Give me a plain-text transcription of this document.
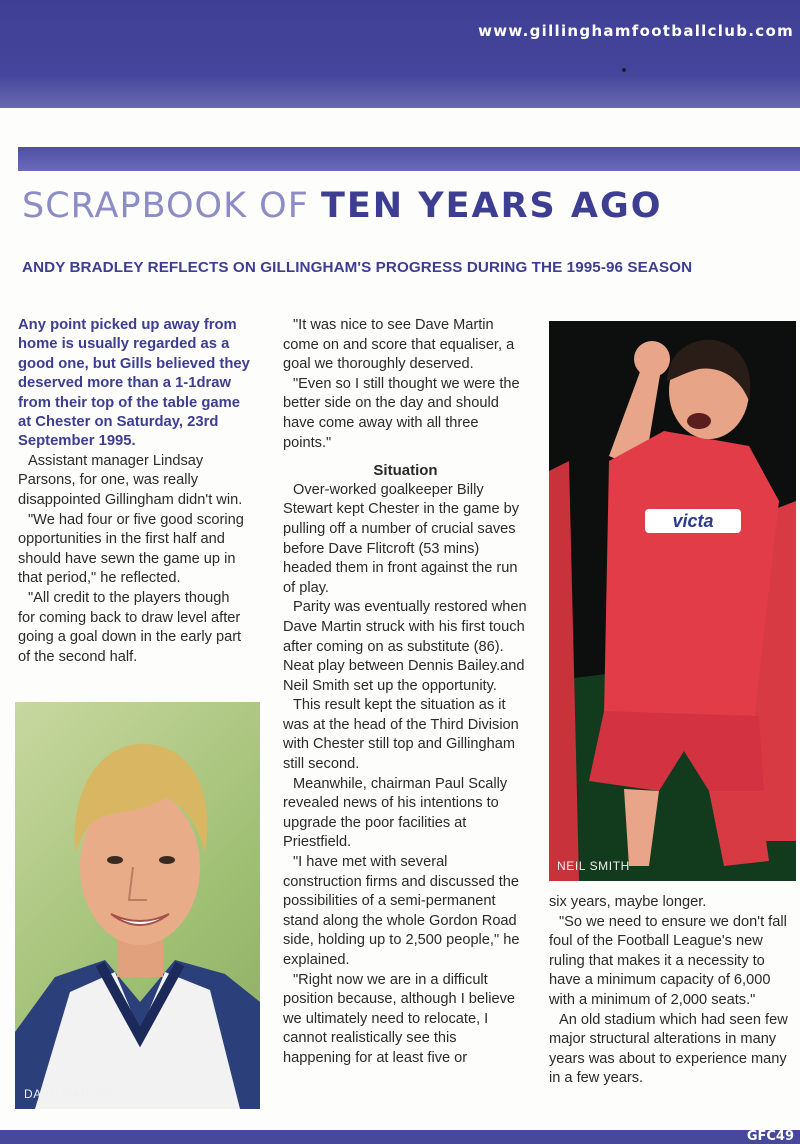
www.gillinghamfootballclub.com
SCRAPBOOK OF TEN YEARS AGO
ANDY BRADLEY REFLECTS ON GILLINGHAM'S PROGRESS DURING THE 1995-96 SEASON
Any point picked up away from home is usually regarded as a good one, but Gills believed they deserved more than a 1-1draw from their top of the table game at Chester on Saturday, 23rd September 1995.

Assistant manager Lindsay Parsons, for one, was really disappointed Gillingham didn't win.

"We had four or five good scoring opportunities in the first half and should have sewn the game up in that period," he reflected.

"All credit to the players though for coming back to draw level after going a goal down in the early part of the second half.

"It was nice to see Dave Martin come on and score that equaliser, a goal we thoroughly deserved.

"Even so I still thought we were the better side on the day and should have come away with all three points."

Situation

Over-worked goalkeeper Billy Stewart kept Chester in the game by pulling off a number of crucial saves before Dave Flitcroft (53 mins) headed them in front against the run of play.

Parity was eventually restored when Dave Martin struck with his first touch after coming on as substitute (86). Neat play between Dennis Bailey.and Neil Smith set up the opportunity.

This result kept the situation as it was at the head of the Third Division with Chester still top and Gillingham still second.

Meanwhile, chairman Paul Scally revealed news of his intentions to upgrade the poor facilities at Priestfield.

"I have met with several construction firms and discussed the possibilities of a semi-permanent stand along the whole Gordon Road side, holding up to 2,500 people," he explained.

"Right now we are in a difficult position because, although I believe we ultimately need to relocate, I cannot realistically see this happening for at least five or

six years, maybe longer.

"So we need to ensure we don't fall foul of the Football League's new ruling that makes it a necessity to have a minimum capacity of 6,000 with a minimum of 2,000 seats."

An old stadium which had seen few major structural alterations in many years was about to experience many in a few years.

DAVE MARTIN
victa
NEIL SMITH
GFC49
